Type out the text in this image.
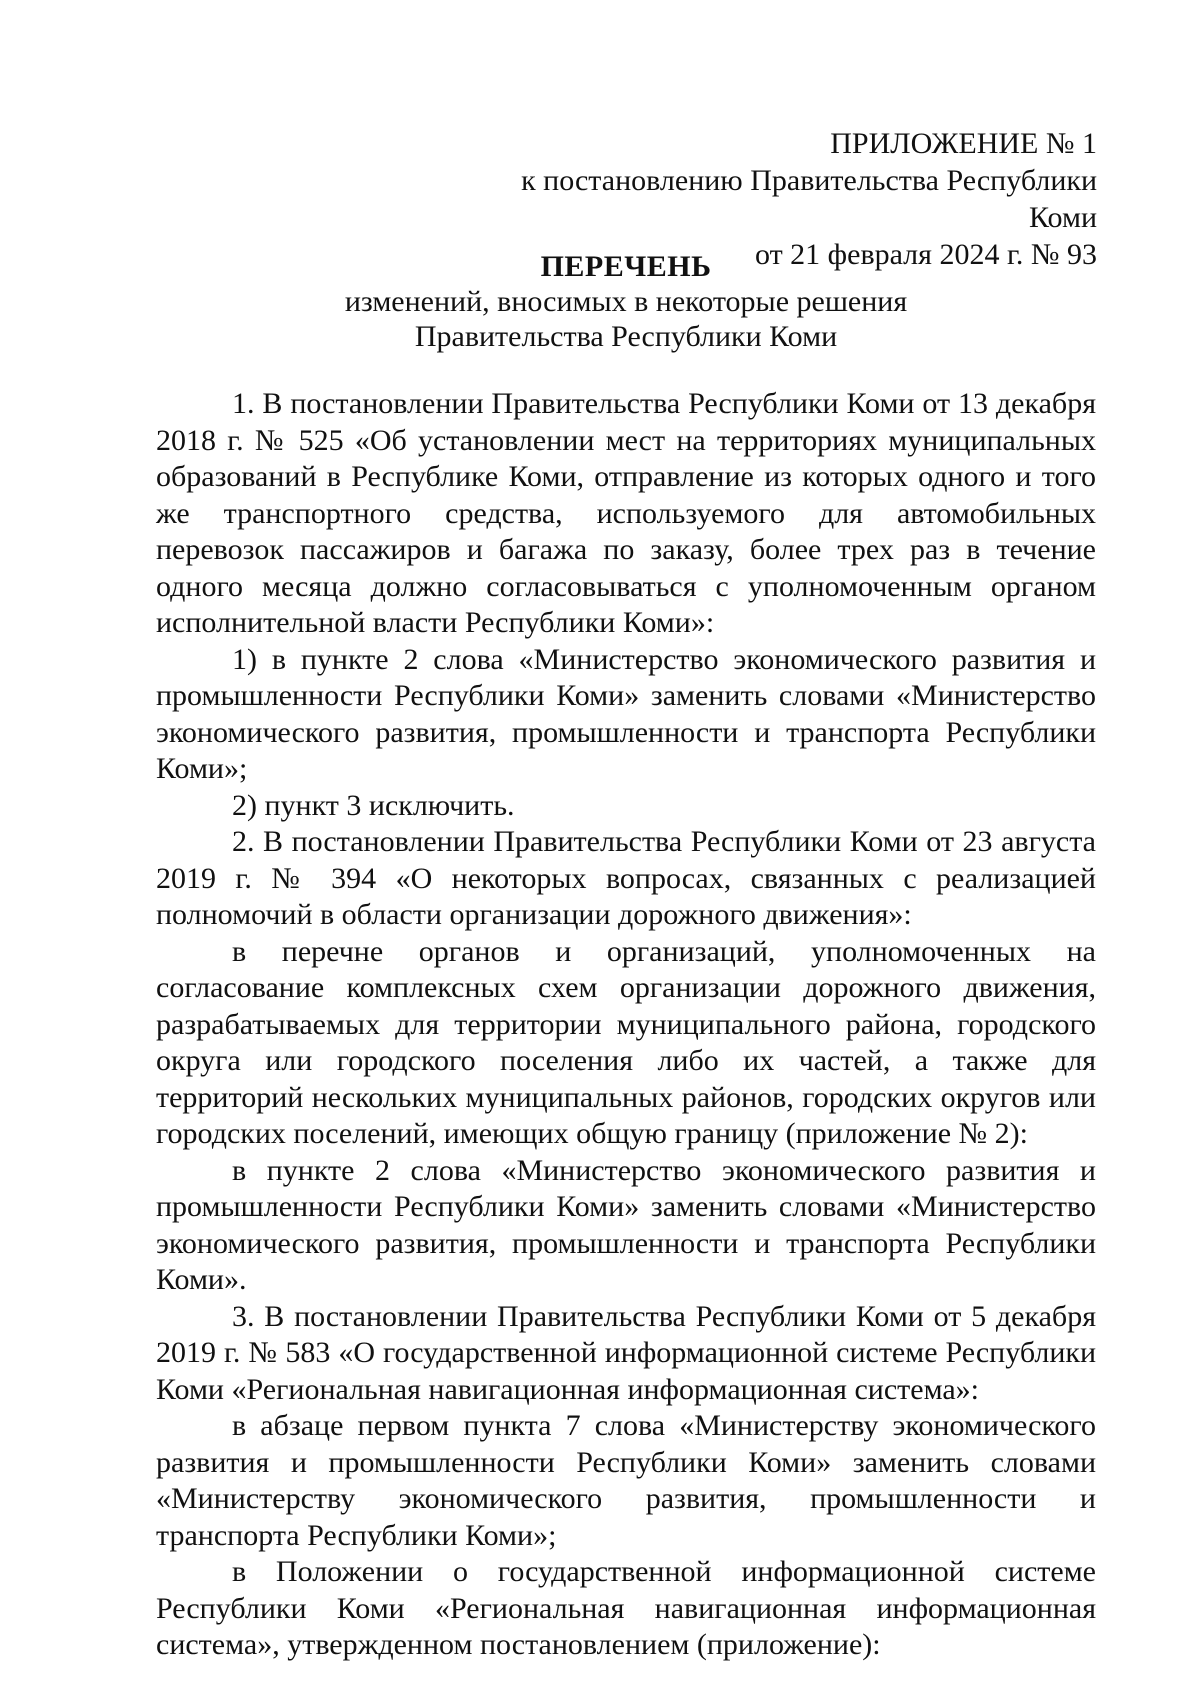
ПРИЛОЖЕНИЕ № 1
к постановлению Правительства Республики Коми
от 21 февраля 2024 г. № 93
ПЕРЕЧЕНЬ
изменений, вносимых в некоторые решения
Правительства Республики Коми

1. В постановлении Правительства Республики Коми от 13 декабря 2018 г. № 525 «Об установлении мест на территориях муниципальных образований в Республике Коми, отправление из которых одного и того же транспортного средства, используемого для автомобильных перевозок пассажиров и багажа по заказу, более трех раз в течение одного месяца должно согласовываться с уполномоченным органом исполнительной власти Республики Коми»:

1) в пункте 2 слова «Министерство экономического развития и промышленности Республики Коми» заменить словами «Министерство экономического развития, промышленности и транспорта Республики Коми»;

2) пункт 3 исключить.

2. В постановлении Правительства Республики Коми от 23 августа 2019 г. № 394 «О некоторых вопросах, связанных с реализацией полномочий в области организации дорожного движения»:

в перечне органов и организаций, уполномоченных на согласование комплексных схем организации дорожного движения, разрабатываемых для территории муниципального района, городского округа или городского поселения либо их частей, а также для территорий нескольких муниципальных районов, городских округов или городских поселений, имеющих общую границу (приложение № 2):

в пункте 2 слова «Министерство экономического развития и промышленности Республики Коми» заменить словами «Министерство экономического развития, промышленности и транспорта Республики Коми».

3. В постановлении Правительства Республики Коми от 5 декабря 2019 г. № 583 «О государственной информационной системе Республики Коми «Региональная навигационная информационная система»:

в абзаце первом пункта 7 слова «Министерству экономического развития и промышленности Республики Коми» заменить словами «Министерству экономического развития, промышленности и транспорта Республики Коми»;

в Положении о государственной информационной системе Республики Коми «Региональная навигационная информационная система», утвержденном постановлением (приложение):
